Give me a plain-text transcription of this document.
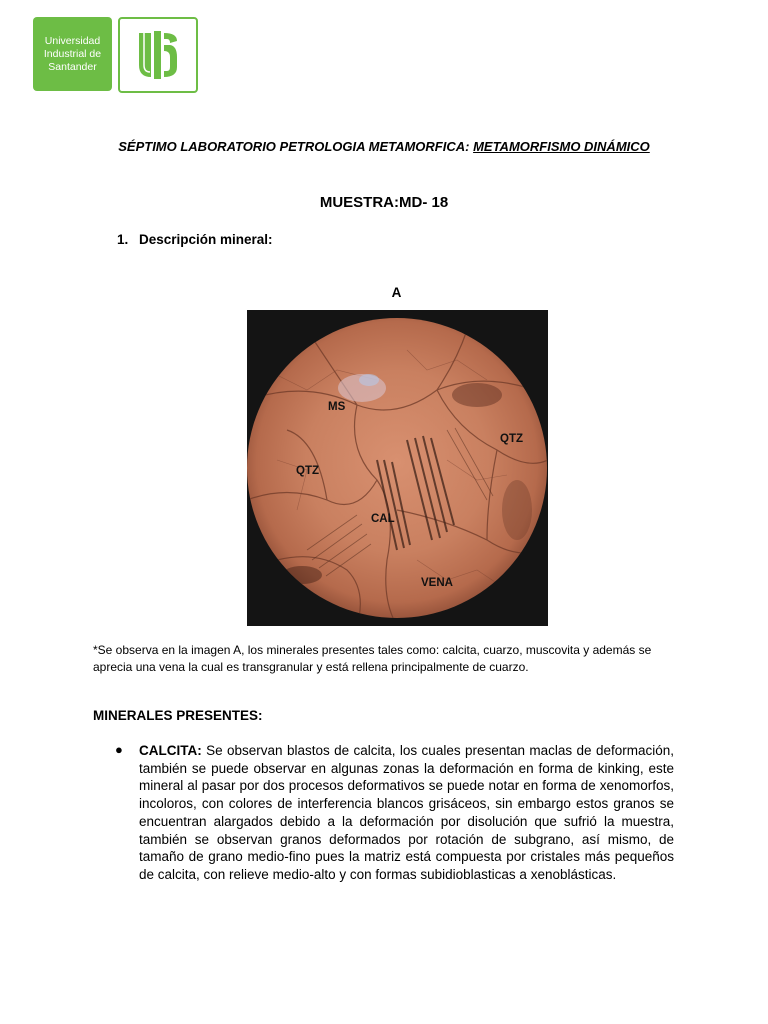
Universidad
Industrial de
Santander
SÉPTIMO LABORATORIO PETROLOGIA METAMORFICA: METAMORFISMO DINÁMICO
MUESTRA:MD- 18
1. Descripción mineral:
A
MS
QTZ
QTZ
CAL
VENA
*Se observa en la imagen A, los minerales presentes tales como: calcita, cuarzo, muscovita y además se aprecia una vena la cual es transgranular y está rellena principalmente de cuarzo.
MINERALES PRESENTES:
● CALCITA: Se observan blastos de calcita, los cuales presentan maclas de deformación, también se puede observar en algunas zonas la deformación en forma de kinking, este mineral al pasar por dos procesos deformativos se puede notar en forma de xenomorfos, incoloros, con colores de interferencia blancos grisáceos, sin embargo estos granos se encuentran alargados debido a la deformación por disolución que sufrió la muestra, también se observan granos deformados por rotación de subgrano, así mismo, de tamaño de grano medio-fino pues la matriz está compuesta por cristales más pequeños de calcita, con relieve medio-alto y con formas subidioblasticas a xenoblásticas.
